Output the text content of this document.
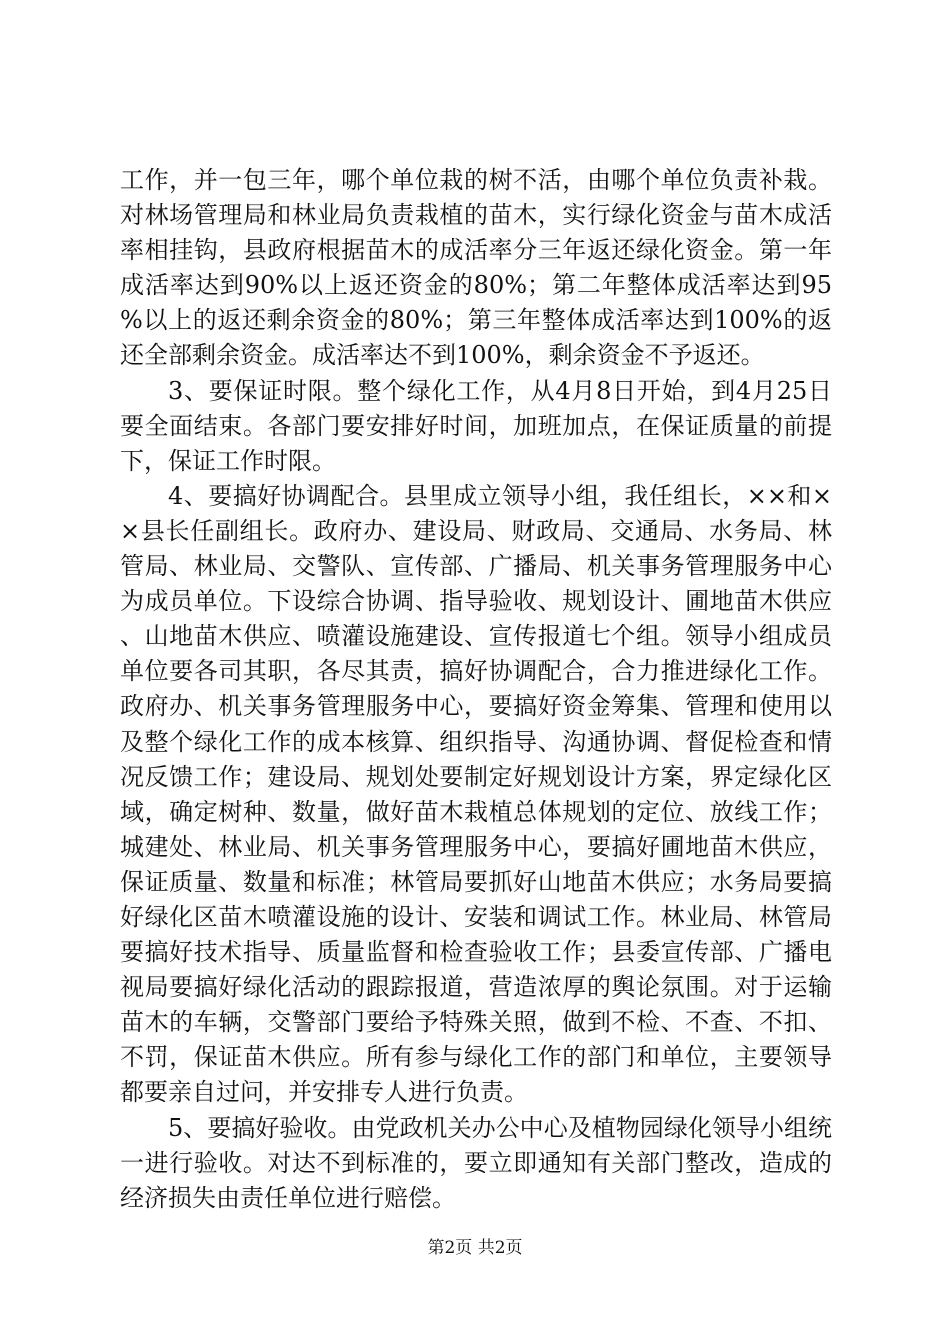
工作，并一包三年，哪个单位栽的树不活，由哪个单位负责补栽。对林场管理局和林业局负责栽植的苗木，实行绿化资金与苗木成活率相挂钩，县政府根据苗木的成活率分三年返还绿化资金。第一年成活率达到90%以上返还资金的80%；第二年整体成活率达到95%以上的返还剩余资金的80%；第三年整体成活率达到100%的返还全部剩余资金。成活率达不到100%，剩余资金不予返还。

3、要保证时限。整个绿化工作，从4月8日开始，到4月25日要全面结束。各部门要安排好时间，加班加点，在保证质量的前提下，保证工作时限。

4、要搞好协调配合。县里成立领导小组，我任组长，××和××县长任副组长。政府办、建设局、财政局、交通局、水务局、林管局、林业局、交警队、宣传部、广播局、机关事务管理服务中心为成员单位。下设综合协调、指导验收、规划设计、圃地苗木供应、山地苗木供应、喷灌设施建设、宣传报道七个组。领导小组成员单位要各司其职，各尽其责，搞好协调配合，合力推进绿化工作。政府办、机关事务管理服务中心，要搞好资金筹集、管理和使用以及整个绿化工作的成本核算、组织指导、沟通协调、督促检查和情况反馈工作；建设局、规划处要制定好规划设计方案，界定绿化区域，确定树种、数量，做好苗木栽植总体规划的定位、放线工作；城建处、林业局、机关事务管理服务中心，要搞好圃地苗木供应，保证质量、数量和标准；林管局要抓好山地苗木供应；水务局要搞好绿化区苗木喷灌设施的设计、安装和调试工作。林业局、林管局要搞好技术指导、质量监督和检查验收工作；县委宣传部、广播电视局要搞好绿化活动的跟踪报道，营造浓厚的舆论氛围。对于运输苗木的车辆，交警部门要给予特殊关照，做到不检、不查、不扣、不罚，保证苗木供应。所有参与绿化工作的部门和单位，主要领导都要亲自过问，并安排专人进行负责。

5、要搞好验收。由党政机关办公中心及植物园绿化领导小组统一进行验收。对达不到标准的，要立即通知有关部门整改，造成的经济损失由责任单位进行赔偿。

第2页 共2页
